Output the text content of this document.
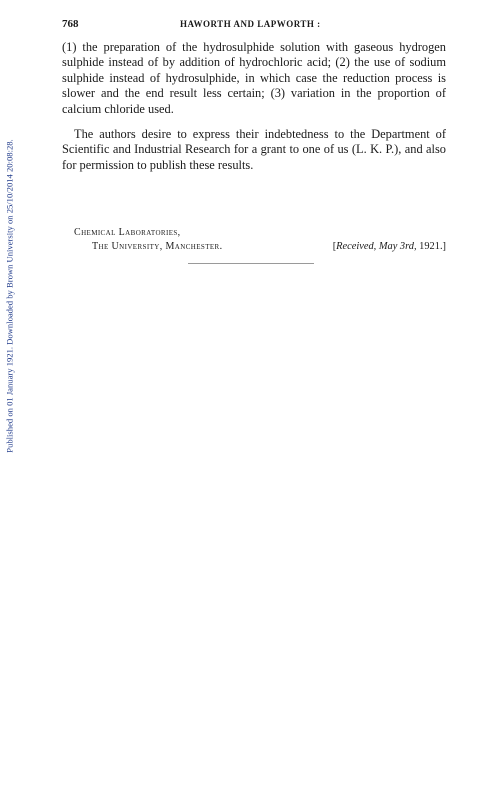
Published on 01 January 1921. Downloaded by Brown University on 25/10/2014 20:08:28.
768	HAWORTH AND LAPWORTH :

(1) the preparation of the hydrosulphide solution with gaseous hydrogen sulphide instead of by addition of hydrochloric acid; (2) the use of sodium sulphide instead of hydrosulphide, in which case the reduction process is slower and the end result less certain; (3) variation in the proportion of calcium chloride used.

The authors desire to express their indebtedness to the Department of Scientific and Industrial Research for a grant to one of us (L. K. P.), and also for permission to publish these results.

Chemical Laboratories,
The University, Manchester.	[Received, May 3rd, 1921.]
